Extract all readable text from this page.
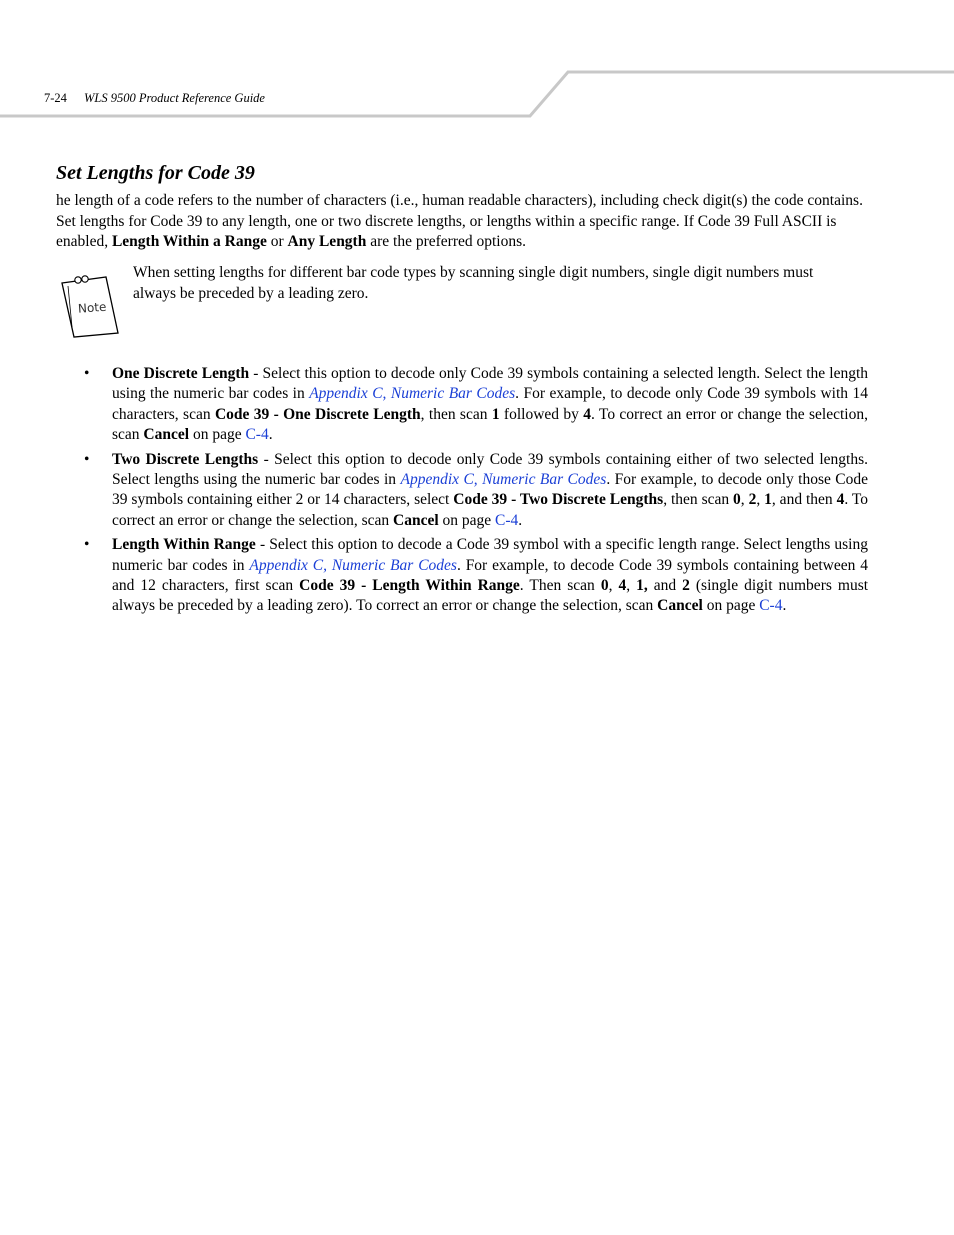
7-24 WLS 9500 Product Reference Guide
Set Lengths for Code 39

he length of a code refers to the number of characters (i.e., human readable characters), including check digit(s) the code contains. Set lengths for Code 39 to any length, one or two discrete lengths, or lengths within a specific range. If Code 39 Full ASCII is enabled, Length Within a Range or Any Length are the preferred options.

Note

When setting lengths for different bar code types by scanning single digit numbers, single digit numbers must always be preceded by a leading zero.

• One Discrete Length - Select this option to decode only Code 39 symbols containing a selected length. Select the length using the numeric bar codes in Appendix C, Numeric Bar Codes. For example, to decode only Code 39 symbols with 14 characters, scan Code 39 - One Discrete Length, then scan 1 followed by 4. To correct an error or change the selection, scan Cancel on page C-4.
• Two Discrete Lengths - Select this option to decode only Code 39 symbols containing either of two selected lengths. Select lengths using the numeric bar codes in Appendix C, Numeric Bar Codes. For example, to decode only those Code 39 symbols containing either 2 or 14 characters, select Code 39 - Two Discrete Lengths, then scan 0, 2, 1, and then 4. To correct an error or change the selection, scan Cancel on page C-4.
• Length Within Range - Select this option to decode a Code 39 symbol with a specific length range. Select lengths using numeric bar codes in Appendix C, Numeric Bar Codes. For example, to decode Code 39 symbols containing between 4 and 12 characters, first scan Code 39 - Length Within Range. Then scan 0, 4, 1, and 2 (single digit numbers must always be preceded by a leading zero). To correct an error or change the selection, scan Cancel on page C-4.
